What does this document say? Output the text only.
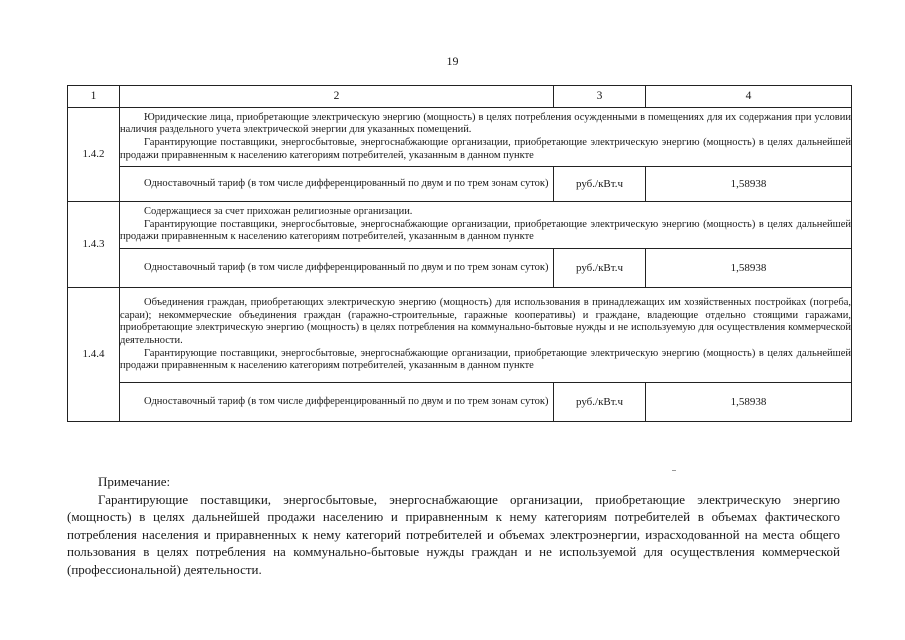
19
1	2	3	4
1.4.2	Юридические лица, приобретающие электрическую энергию (мощность) в целях потребления осужденными в помещениях для их содержания при условии наличия раздельного учета электрической энергии для указанных помещений.

Гарантирующие поставщики, энергосбытовые, энергоснабжающие организации, приобретающие электрическую энергию (мощность) в целях дальнейшей продажи приравненным к населению категориям потребителей, указанным в данном пункте		

	Одноставочный тариф (в том числе дифференцированный по двум и по трем зонам суток)	руб./кВт.ч	1,58938
1.4.3	Содержащиеся за счет прихожан религиозные организации.

Гарантирующие поставщики, энергосбытовые, энергоснабжающие организации, приобретающие электрическую энергию (мощность) в целях дальнейшей продажи приравненным к населению категориям потребителей, указанным в данном пункте		

	Одноставочный тариф (в том числе дифференцированный по двум и по трем зонам суток)	руб./кВт.ч	1,58938
1.4.4	Объединения граждан, приобретающих электрическую энергию (мощность) для использования в принадлежащих им хозяйственных постройках (погреба, сараи); некоммерческие объединения граждан (гаражно-строительные, гаражные кооперативы) и граждане, владеющие отдельно стоящими гаражами, приобретающие электрическую энергию (мощность) в целях потребления на коммунально-бытовые нужды и не используемую для осуществления коммерческой деятельности.

Гарантирующие поставщики, энергосбытовые, энергоснабжающие организации, приобретающие электрическую энергию (мощность) в целях дальнейшей продажи приравненным к населению категориям потребителей, указанным в данном пункте		

	Одноставочный тариф (в том числе дифференцированный по двум и по трем зонам суток)	руб./кВт.ч	1,58938

Примечание:

Гарантирующие поставщики, энергосбытовые, энергоснабжающие организации, приобретающие электрическую энергию (мощность) в целях дальнейшей продажи населению и приравненным к нему категориям потребителей в объемах фактического потребления населения и приравненных к нему категорий потребителей и объемах электроэнергии, израсходованной на места общего пользования в целях потребления на коммунально-бытовые нужды граждан и не используемой для осуществления коммерческой (профессиональной) деятельности.
